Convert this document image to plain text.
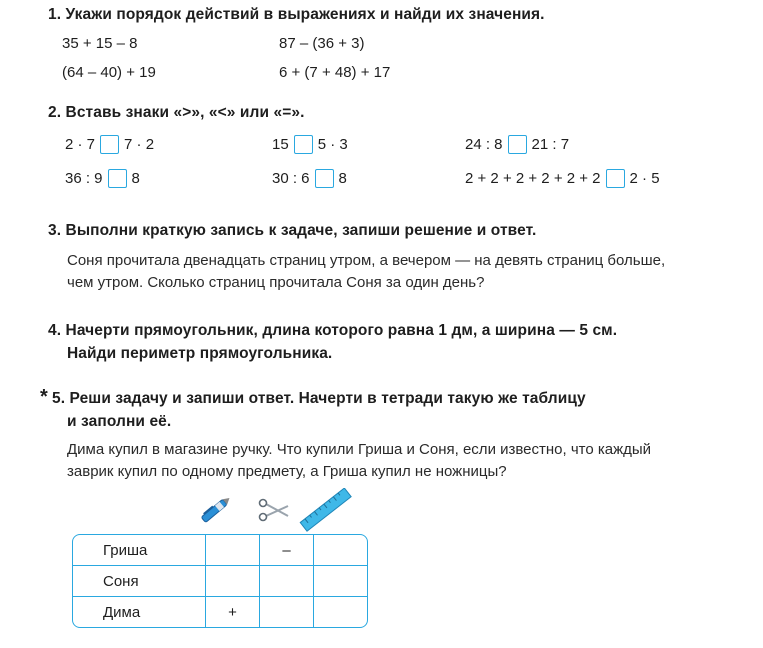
1. Укажи порядок действий в выражениях и найди их значения.
35 + 15 – 8	87 – (36 + 3)
(64 – 40) + 19	6 + (7 + 48) + 17
2. Вставь знаки «>», «<» или «=».
2 · 7 7 · 2	15 5 · 3	24 : 8 21 : 7
36 : 9 8	30 : 6 8	2 + 2 + 2 + 2 + 2 + 2 2 · 5
3. Выполни краткую запись к задаче, запиши решение и ответ.
Соня прочитала двенадцать страниц утром, а вечером — на девять страниц больше,
чем утром. Сколько страниц прочитала Соня за один день?
4. Начерти прямоугольник, длина которого равна 1 дм, а ширина — 5 см.
Найди периметр прямоугольника.
* 5. Реши задачу и запиши ответ. Начерти в тетради такую же таблицу
и заполни её.
Дима купил в магазине ручку. Что купили Гриша и Соня, если известно, что каждый
заврик купил по одному предмету, а Гриша купил не ножницы?
Гриша		–	
Соня			
Дима	+		
